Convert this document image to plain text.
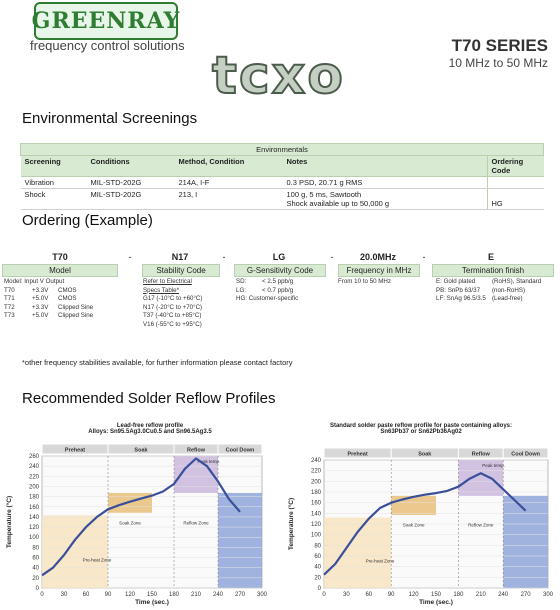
GREENRAY
frequency control solutions	T70 SERIES
10 MHz to 50 MHz
tcxo
Environmental Screenings
Environmentals				
Screening	Conditions	Method, Condition	Notes	Ordering Code
Vibration	MIL-STD-202G	214A, I-F	0.3 PSD, 20.71 g RMS	
Shock	MIL-STD-202G	213, I	100 g, 5 ms, Sawtooth
Shock available up to 50,000 g	HG
Ordering (Example)
T70	-	N17	-	LG	-	20.0MHz	-	E
Model
Model: Input V Output
T70	+3.3V CMOS
T71	+5.0V CMOS
T72	+3.3V Clipped Sine
T73	+5.0V Clipped Sine
Stability Code
Refer to Electrical
Specs Table*
G17 (-10°C to +60°C)
N17 (-20°C to +70°C)
T37 (-40°C to +85°C)
V16 (-55°C to +95°C)
G-Sensitivity Code
SD:	< 2.5 ppb/g
LG:	< 0.7 ppb/g
HG: Customer-specific
Frequency in MHz
From 10 to 50 MHz
Termination finish
E: Gold plated	(RoHS), Standard
PB: SnPb 63/37 (non-RoHS)
LF: SnAg 96.5/3.5 (Lead-free)
*other frequency stabilities available, for further information please contact factory
Recommended Solder Reflow Profiles
Lead-free reflow profile
Alloys: Sn95.5Ag3.0Cu0.5 and Sn96.5Ag3.5
Preheat	Soak	Reflow	Cool Down
0
20
40
60
80
100
120
140
160
180
200
220
240
260
0	30	60	90 120 150 180 210 240 270 300
Soak Zone	Reflow Zone
Pre-heat Zone
Peak temp.
Time (sec.)
Temperature (°C)
Standard solder paste reflow profile for paste containing alloys:
Sn63Pb37 or Sn62Pb36Ag02
Preheat	Soak	Reflow	Cool Down
0
20
40
60
80
100
120
140
160
180
200
220
240
0	30	60	90 120 150 180 210 240 270 300
Soak Zone	Reflow Zone
Pre-heat Zone
Peak temp.
Time (sec.)
Temperature (°C)
